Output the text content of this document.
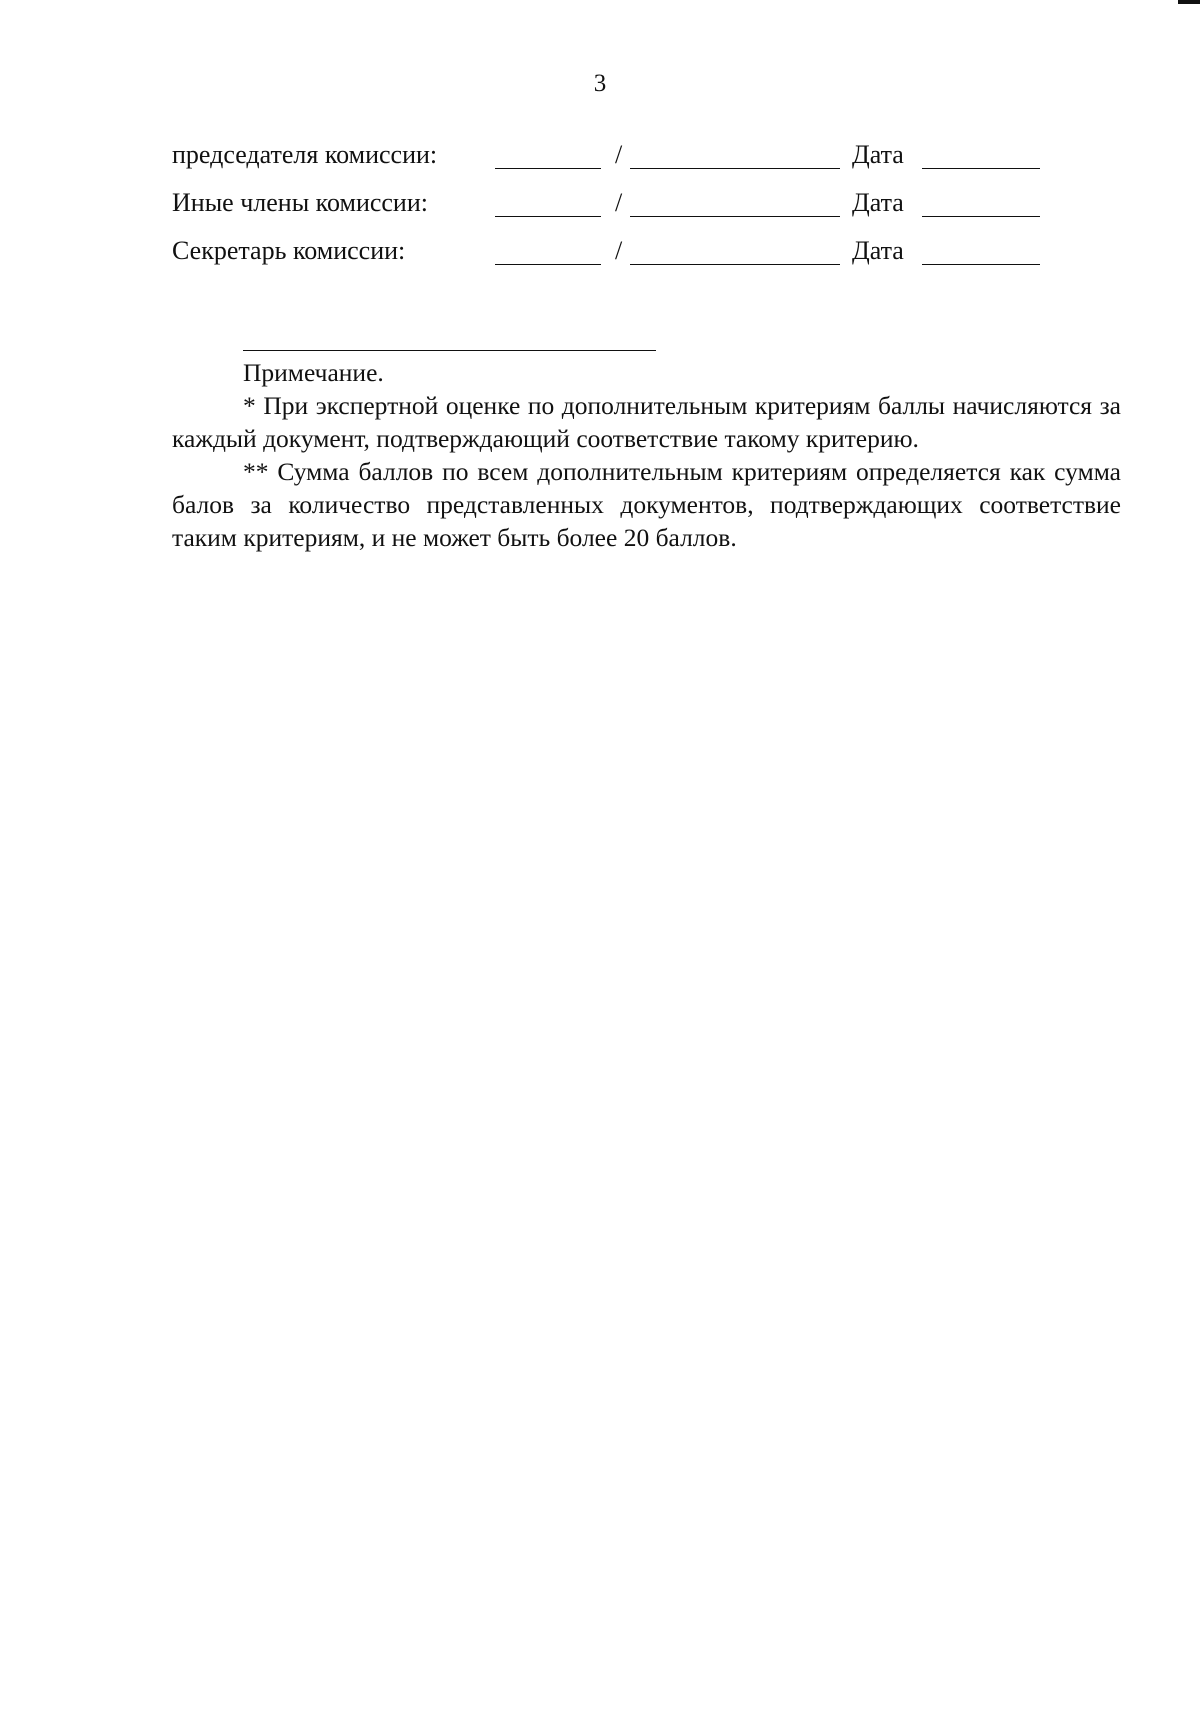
3
председателя комиссии:	/	Дата
Иные члены комиссии:	/	Дата
Секретарь комиссии:	/	Дата

Примечание.

* При экспертной оценке по дополнительным критериям баллы начисляются за каждый документ, подтверждающий соответствие такому критерию.

** Сумма баллов по всем дополнительным критериям определяется как сумма балов за количество представленных документов, подтверждающих соответствие таким критериям, и не может быть более 20 баллов.
